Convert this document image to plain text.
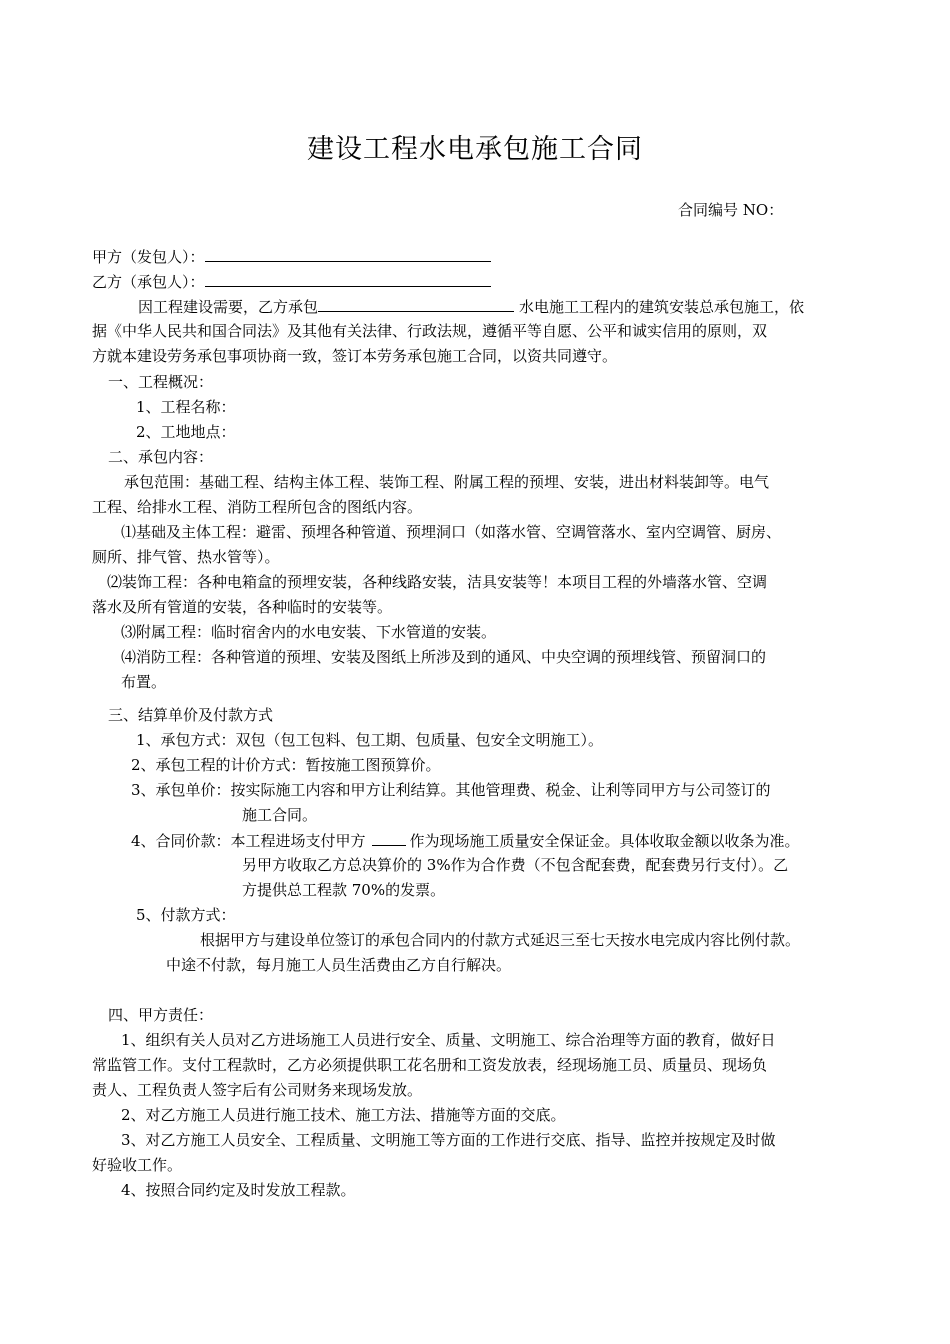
建设工程水电承包施工合同
合同编号 NO：
甲方（发包人）：
乙方（承包人）：
因工程建设需要，乙方承包	水电施工工程内的建筑安装总承包施工，依
据《中华人民共和国合同法》及其他有关法律、行政法规，遵循平等自愿、公平和诚实信用的原则，双
方就本建设劳务承包事项协商一致，签订本劳务承包施工合同，以资共同遵守。
一、工程概况：
1、工程名称：
2、工地地点：
二、承包内容：
承包范围：基础工程、结构主体工程、装饰工程、附属工程的预埋、安装，进出材料装卸等。电气
工程、给排水工程、消防工程所包含的图纸内容。
⑴基础及主体工程：避雷、预埋各种管道、预埋洞口（如落水管、空调管落水、室内空调管、厨房、
厕所、排气管、热水管等）。
⑵装饰工程：各种电箱盒的预埋安装，各种线路安装，洁具安装等！本项目工程的外墙落水管、空调
落水及所有管道的安装，各种临时的安装等。
⑶附属工程：临时宿舍内的水电安装、下水管道的安装。
⑷消防工程：各种管道的预埋、安装及图纸上所涉及到的通风、中央空调的预埋线管、预留洞口的
布置。
三、结算单价及付款方式
1、承包方式：双包（包工包料、包工期、包质量、包安全文明施工）。
2、承包工程的计价方式：暂按施工图预算价。
3、承包单价：按实际施工内容和甲方让利结算。其他管理费、税金、让利等同甲方与公司签订的
施工合同。
4、合同价款：本工程进场支付甲方	作为现场施工质量安全保证金。具体收取金额以收条为准。
另甲方收取乙方总决算价的 3%作为合作费（不包含配套费，配套费另行支付）。乙
方提供总工程款 70%的发票。
5、付款方式：
根据甲方与建设单位签订的承包合同内的付款方式延迟三至七天按水电完成内容比例付款。
中途不付款，每月施工人员生活费由乙方自行解决。
四、甲方责任：
1、组织有关人员对乙方进场施工人员进行安全、质量、文明施工、综合治理等方面的教育，做好日
常监管工作。支付工程款时，乙方必须提供职工花名册和工资发放表，经现场施工员、质量员、现场负
责人、工程负责人签字后有公司财务来现场发放。
2、对乙方施工人员进行施工技术、施工方法、措施等方面的交底。
3、对乙方施工人员安全、工程质量、文明施工等方面的工作进行交底、指导、监控并按规定及时做
好验收工作。
4、按照合同约定及时发放工程款。
